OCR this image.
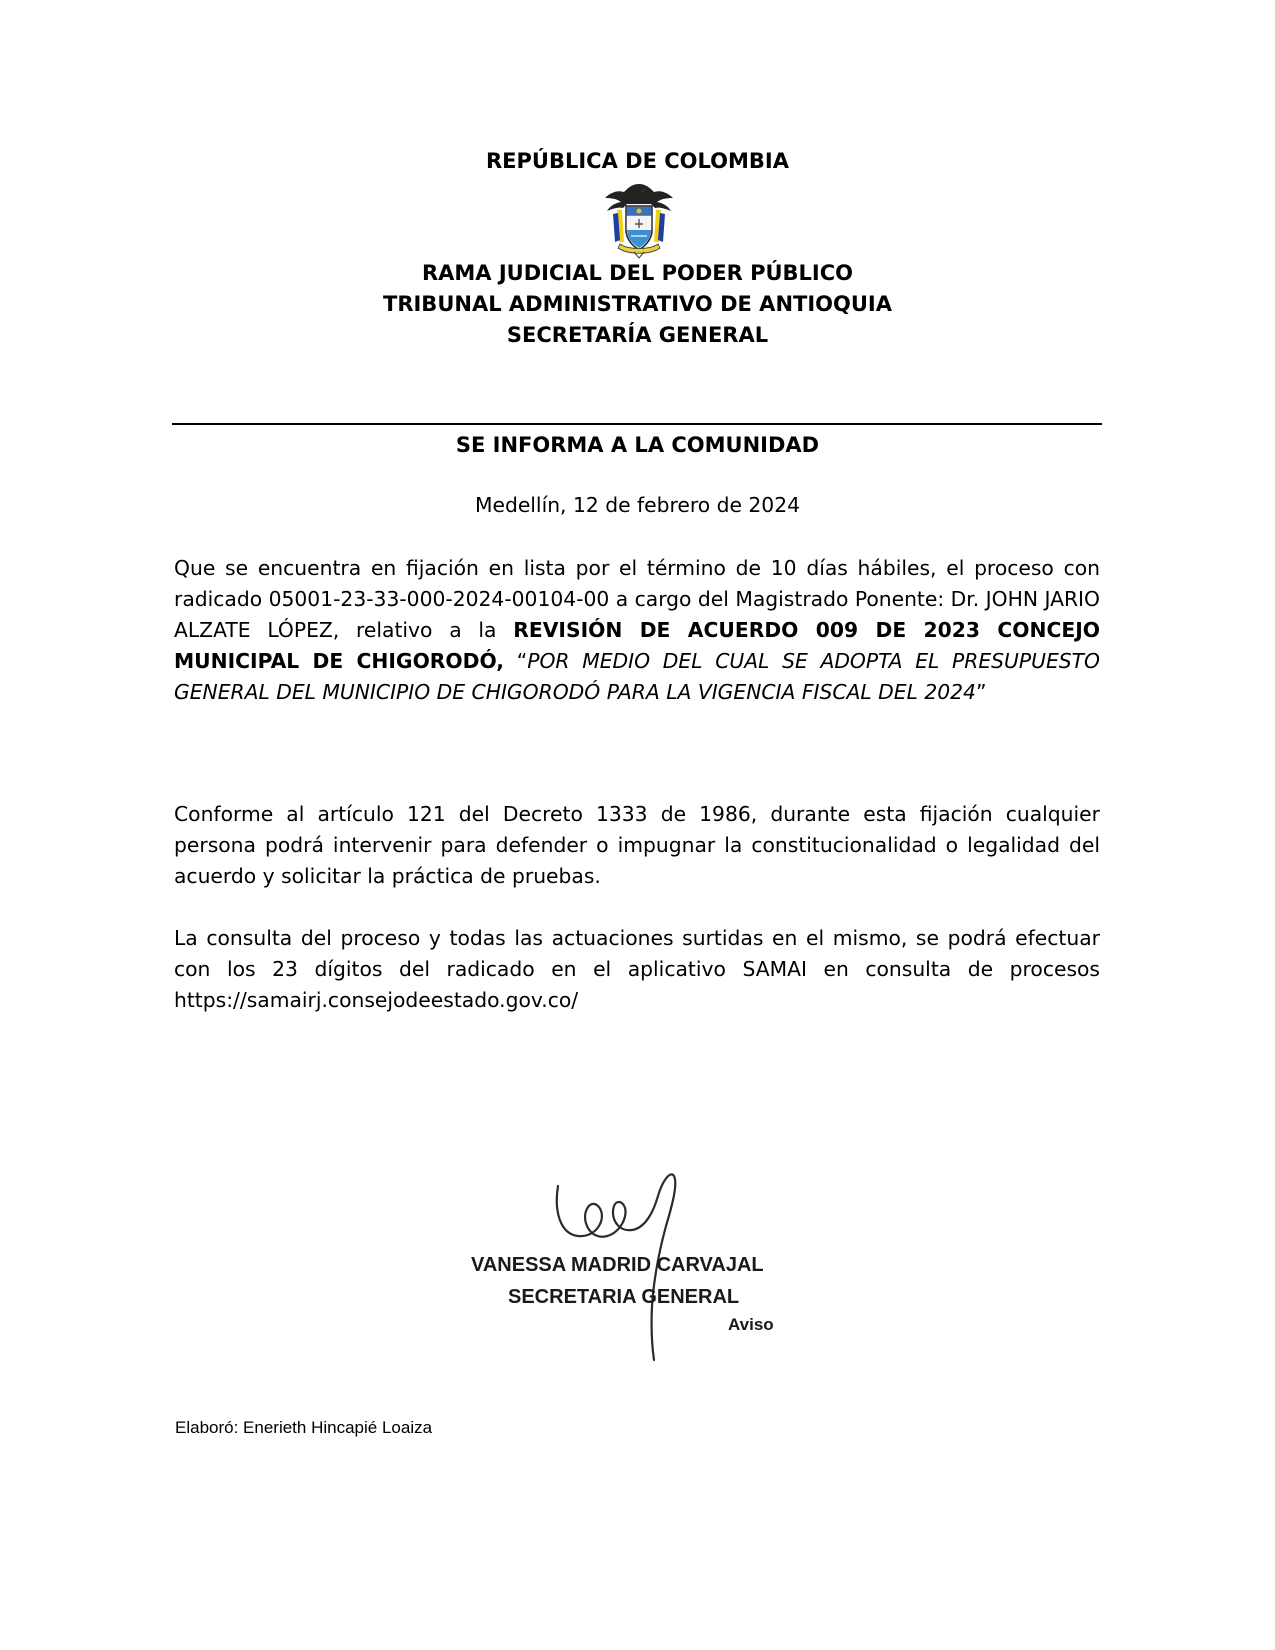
REPÚBLICA DE COLOMBIA
RAMA JUDICIAL DEL PODER PÚBLICO
TRIBUNAL ADMINISTRATIVO DE ANTIOQUIA
SECRETARÍA GENERAL
SE INFORMA A LA COMUNIDAD
Medellín, 12 de febrero de 2024
Que se encuentra en fijación en lista por el término de 10 días hábiles, el proceso con radicado 05001-23-33-000-2024-00104-00 a cargo del Magistrado Ponente: Dr. JOHN JARIO ALZATE LÓPEZ, relativo a la REVISIÓN DE ACUERDO 009 DE 2023 CONCEJO MUNICIPAL DE CHIGORODÓ, “POR MEDIO DEL CUAL SE ADOPTA EL PRESUPUESTO GENERAL DEL MUNICIPIO DE CHIGORODÓ PARA LA VIGENCIA FISCAL DEL 2024”
Conforme al artículo 121 del Decreto 1333 de 1986, durante esta fijación cualquier persona podrá intervenir para defender o impugnar la constitucionalidad o legalidad del acuerdo y solicitar la práctica de pruebas.
La consulta del proceso y todas las actuaciones surtidas en el mismo, se podrá efectuar con los 23 dígitos del radicado en el aplicativo SAMAI en consulta de procesos https://samairj.consejodeestado.gov.co/
VANESSA MADRID CARVAJAL
SECRETARIA GENERAL
Aviso
Elaboró: Enerieth Hincapié Loaiza
